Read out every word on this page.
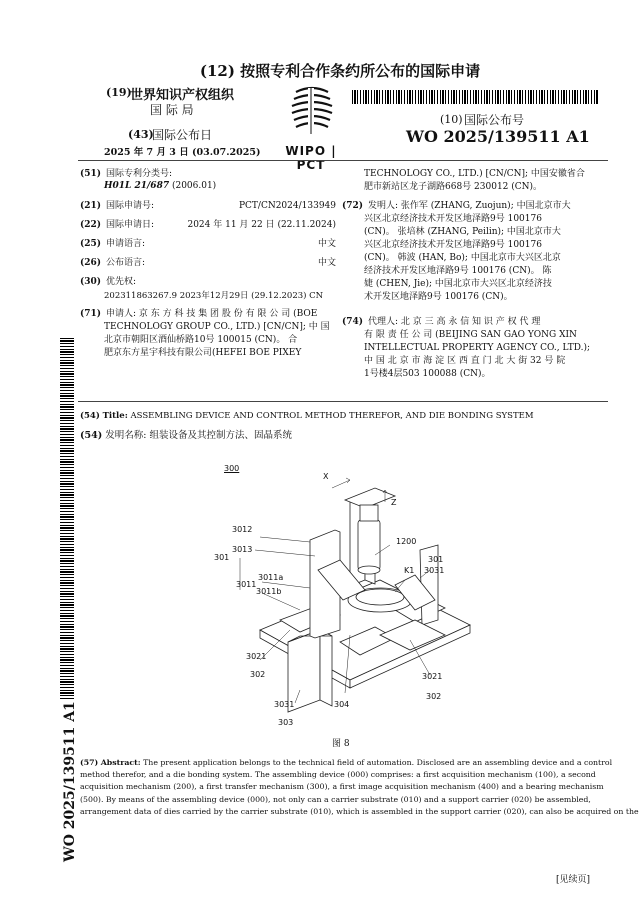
(12) 按照专利合作条约所公布的国际申请
(19)
世界知识产权组织
国 际 局
(43)
国际公布日
2025 年 7 月 3 日 (03.07.2025)	WIPO | PCT
(10) 国际公布号
WO 2025/139511 A1
(51) 国际专利分类号:
H01L 21/687 (2006.01)
(21) 国际申请号:	PCT/CN2024/133949
(22) 国际申请日:	2024 年 11 月 22 日 (22.11.2024)
(25) 申请语言:	中文
(26) 公布语言:	中文
(30) 优先权:
202311863267.9 2023年12月29日 (29.12.2023) CN
(71) 申请人: 京 东 方 科 技 集 团 股 份 有 限 公 司 (BOE
TECHNOLOGY GROUP CO., LTD.) [CN/CN]; 中 国
北京市朝阳区酒仙桥路10号 100015 (CN)。 合
肥京东方星宇科技有限公司(HEFEI BOE PIXEY
TECHNOLOGY CO., LTD.) [CN/CN]; 中国安徽省合
肥市新站区龙子湖路668号 230012 (CN)。
(72) 发明人: 张作军 (ZHANG, Zuojun); 中国北京市大
兴区北京经济技术开发区地泽路9号 100176
(CN)。 张培林 (ZHANG, Peilin); 中国北京市大
兴区北京经济技术开发区地泽路9号 100176
(CN)。 韩波 (HAN, Bo); 中国北京市大兴区北京
经济技术开发区地泽路9号 100176 (CN)。 陈
婕 (CHEN, Jie); 中国北京市大兴区北京经济技
术开发区地泽路9号 100176 (CN)。
(74) 代理人: 北 京 三 高 永 信 知 识 产 权 代 理
有 限 责 任 公 司 (BEIJING SAN GAO YONG XIN
INTELLECTUAL PROPERTY AGENCY CO., LTD.);
中 国 北 京 市 海 淀 区 西 直 门 北 大 街 32 号 院
1号楼4层503 100088 (CN)。
WO 2025/139511 A1
(54) Title: ASSEMBLING DEVICE AND CONTROL METHOD THEREFOR, AND DIE BONDING SYSTEM
(54) 发明名称: 组装设备及其控制方法、固晶系统
300
X
Z
3012
1200
3013
301	301
3031
K1
3011a
3011
3011b
3021
302	3021
302
3031	304
303
图 8
(57) Abstract: The present application belongs to the technical field of automation. Disclosed are an assembling device and a control
method therefor, and a die bonding system. The assembling device (000) comprises: a first acquisition mechanism (100), a second
acquisition mechanism (200), a first transfer mechanism (300), a first image acquisition mechanism (400) and a bearing mechanism
(500). By means of the assembling device (000), not only can a carrier substrate (010) and a support carrier (020) be assembled,
arrangement data of dies carried by the carrier substrate (010), which is assembled in the support carrier (020), can also be acquired on the
[见续页]
